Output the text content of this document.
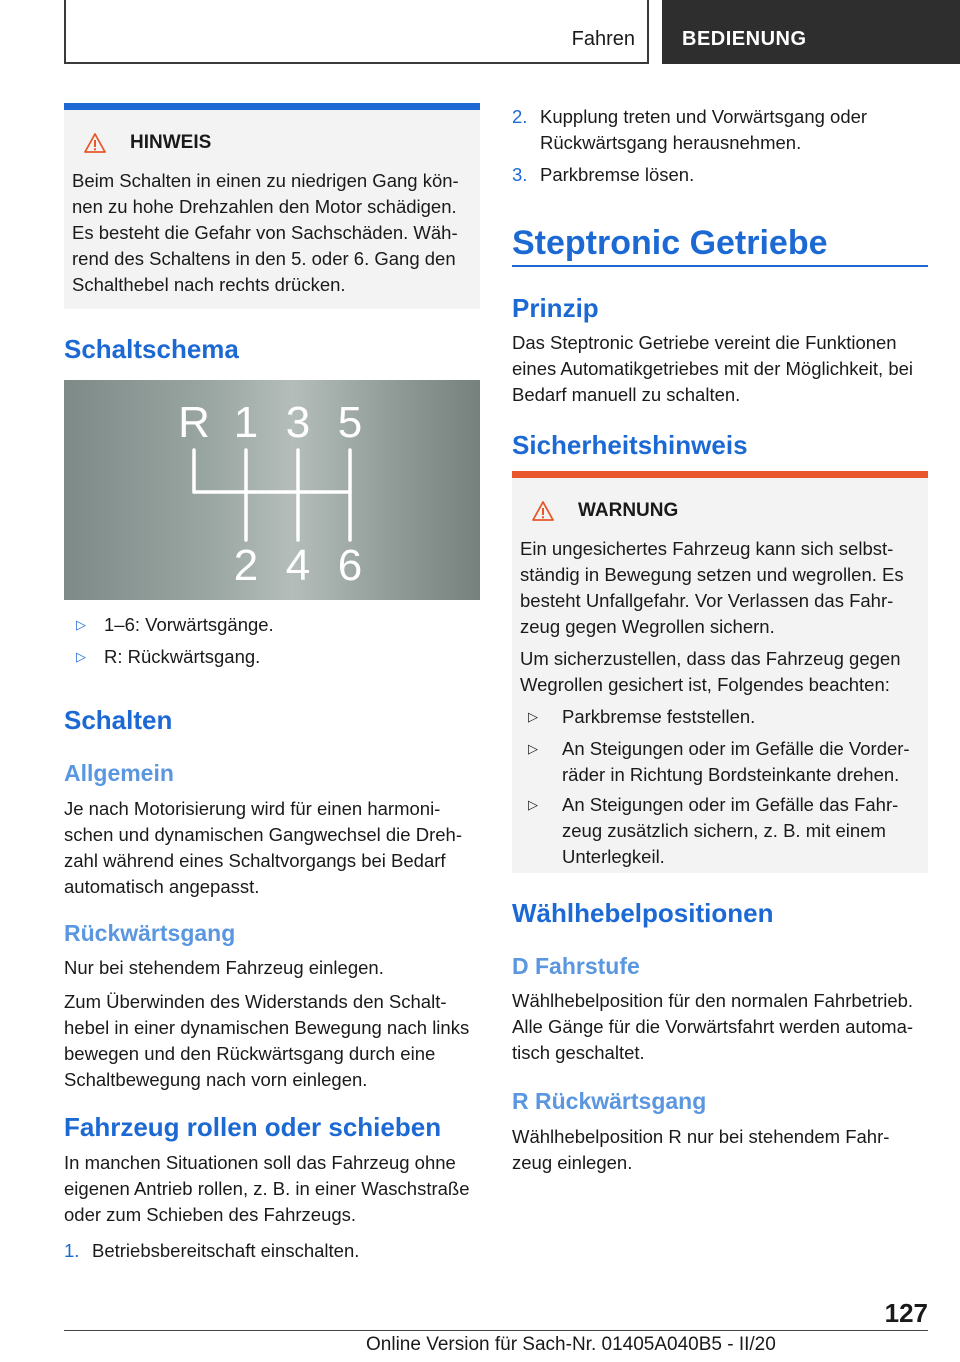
Fahren	BEDIENUNG
HINWEIS
Beim Schalten in einen zu niedrigen Gang kön-nen zu hohe Drehzahlen den Motor schädigen. Es besteht die Gefahr von Sachschäden. Wäh-rend des Schaltens in den 5. oder 6. Gang den Schalthebel nach rechts drücken.
Schaltschema
R 1 3 5
2 4 6
▷ 1–6: Vorwärtsgänge.
▷ R: Rückwärtsgang.
Schalten
Allgemein
Je nach Motorisierung wird für einen harmoni-schen und dynamischen Gangwechsel die Dreh-zahl während eines Schaltvorgangs bei Bedarf automatisch angepasst.
Rückwärtsgang
Nur bei stehendem Fahrzeug einlegen.
Zum Überwinden des Widerstands den Schalt-hebel in einer dynamischen Bewegung nach links bewegen und den Rückwärtsgang durch eine Schaltbewegung nach vorn einlegen.
Fahrzeug rollen oder schieben
In manchen Situationen soll das Fahrzeug ohne eigenen Antrieb rollen, z. B. in einer Waschstraße oder zum Schieben des Fahrzeugs.
1. Betriebsbereitschaft einschalten.
2. Kupplung treten und Vorwärtsgang oder Rückwärtsgang herausnehmen.
3. Parkbremse lösen.
Steptronic Getriebe
Prinzip
Das Steptronic Getriebe vereint die Funktionen eines Automatikgetriebes mit der Möglichkeit, bei Bedarf manuell zu schalten.
Sicherheitshinweis
WARNUNG
Ein ungesichertes Fahrzeug kann sich selbst-ständig in Bewegung setzen und wegrollen. Es besteht Unfallgefahr. Vor Verlassen das Fahr-zeug gegen Wegrollen sichern.
Um sicherzustellen, dass das Fahrzeug gegen Wegrollen gesichert ist, Folgendes beachten:
▷	Parkbremse feststellen.
▷	An Steigungen oder im Gefälle die Vorder-räder in Richtung Bordsteinkante drehen.
▷	An Steigungen oder im Gefälle das Fahr-zeug zusätzlich sichern, z. B. mit einem Unterlegkeil.
Wählhebelpositionen
D Fahrstufe
Wählhebelposition für den normalen Fahrbetrieb. Alle Gänge für die Vorwärtsfahrt werden automa-tisch geschaltet.
R Rückwärtsgang
Wählhebelposition R nur bei stehendem Fahr-zeug einlegen.
127
Online Version für Sach-Nr. 01405A040B5 - II/20
